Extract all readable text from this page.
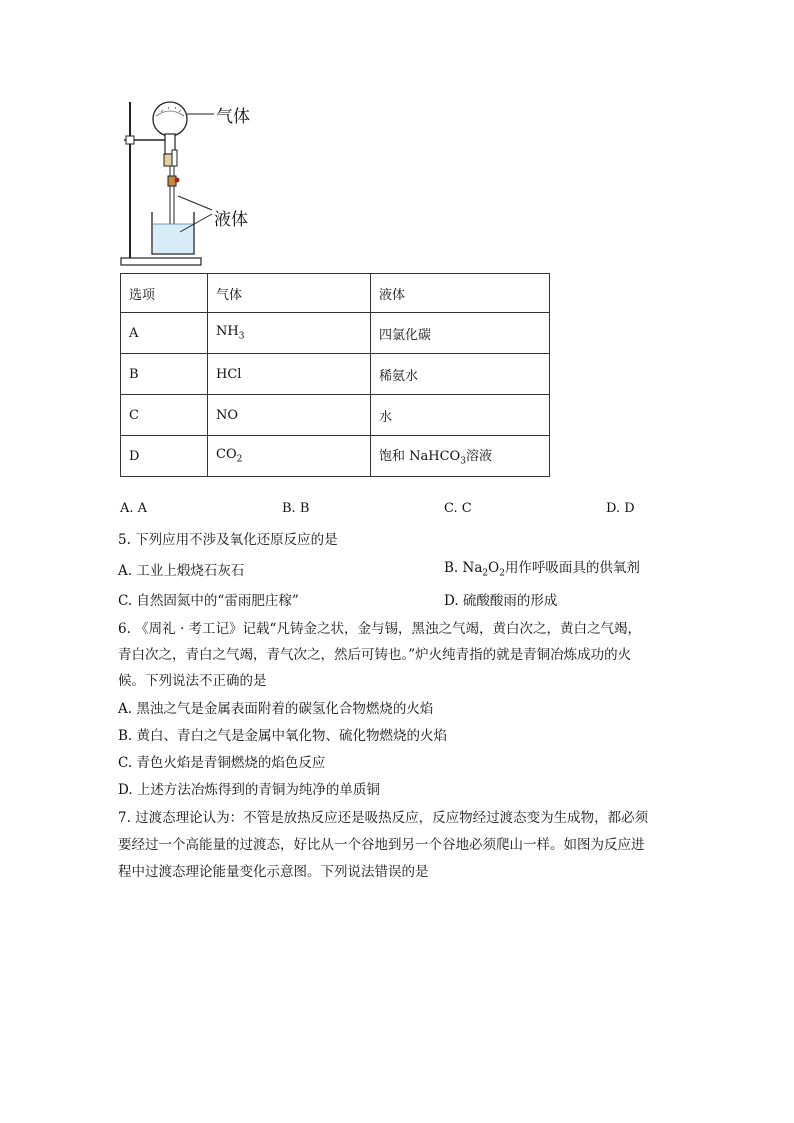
气体
液体
选项	气体	液体
A	$NH_3$	四氯化碳
B	HCl	稀氨水
C	NO	水
D	$CO_2$	饱和 NaHCO$_3$溶液
A. A	B. B	C. C	D. D
5. 下列应用不涉及氧化还原反应的是
A. 工业上煅烧石灰石	B. $Na_2O_2$用作呼吸面具的供氧剂
C. 自然固氮中的“雷雨肥庄稼”	D. 硫酸酸雨的形成
6. 《周礼 · 考工记》记载“凡铸金之状，金与锡，黑浊之气竭，黄白次之，黄白之气竭，
青白次之，青白之气竭，青气次之，然后可铸也。”炉火纯青指的就是青铜冶炼成功的火
候。下列说法不正确的是
A. 黑浊之气是金属表面附着的碳氢化合物燃烧的火焰
B. 黄白、青白之气是金属中氧化物、硫化物燃烧的火焰
C. 青色火焰是青铜燃烧的焰色反应
D. 上述方法冶炼得到的青铜为纯净的单质铜
7. 过渡态理论认为：不管是放热反应还是吸热反应，反应物经过渡态变为生成物，都必须
要经过一个高能量的过渡态，好比从一个谷地到另一个谷地必须爬山一样。如图为反应进
程中过渡态理论能量变化示意图。下列说法错误的是
